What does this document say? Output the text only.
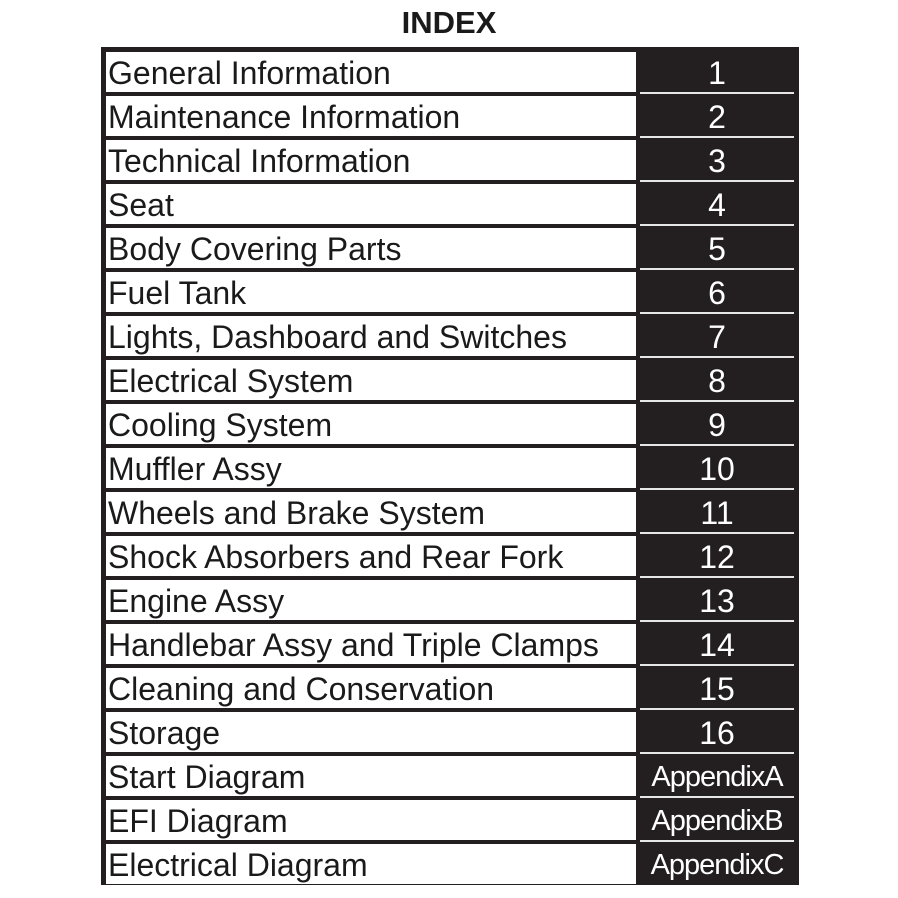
INDEX
General Information	1
Maintenance Information	2
Technical Information	3
Seat	4
Body Covering Parts	5
Fuel Tank	6
Lights, Dashboard and Switches	7
Electrical System	8
Cooling System	9
Muffler Assy	10
Wheels and Brake System	11
Shock Absorbers and Rear Fork	12
Engine Assy	13
Handlebar Assy and Triple Clamps	14
Cleaning and Conservation	15
Storage	16
Start Diagram	AppendixA
EFI Diagram	AppendixB
Electrical Diagram	AppendixC
